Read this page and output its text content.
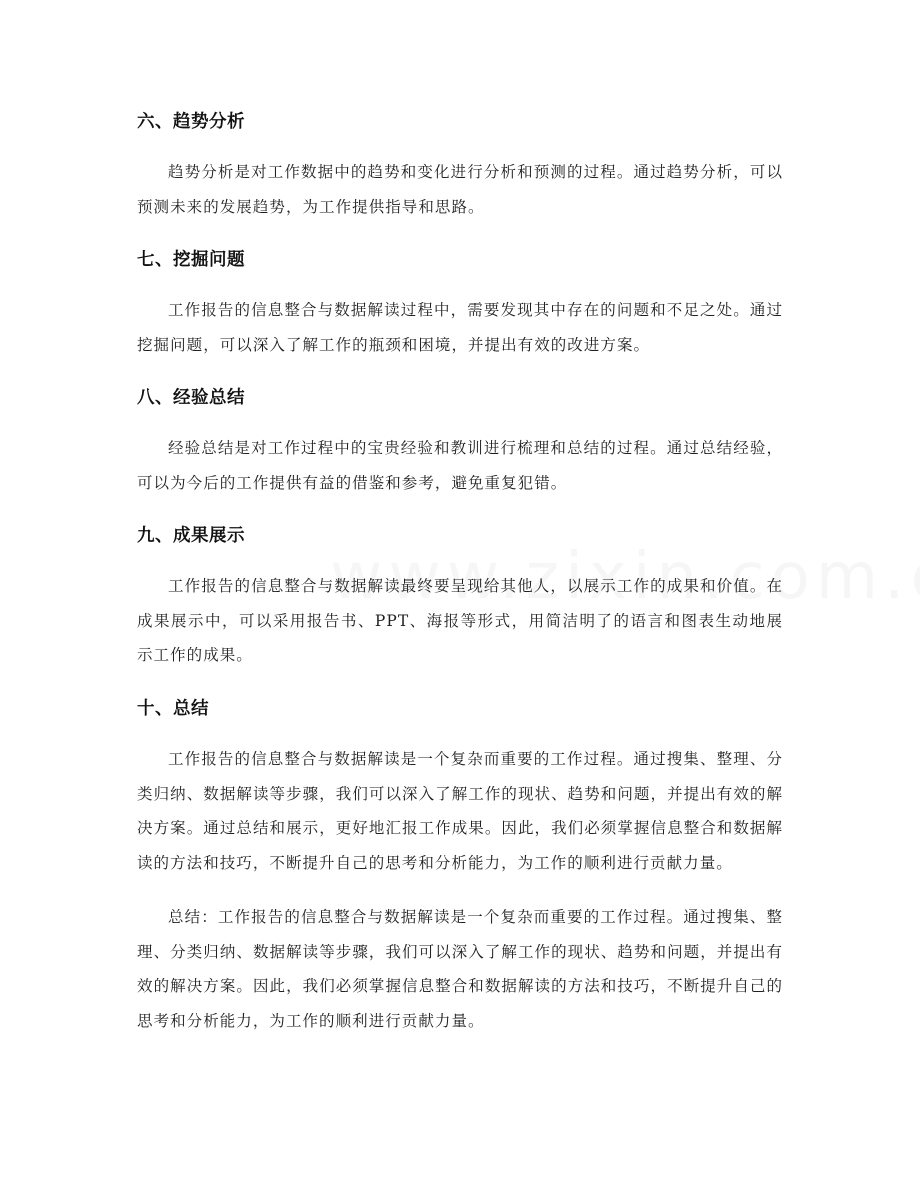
六、趋势分析

趋势分析是对工作数据中的趋势和变化进行分析和预测的过程。通过趋势分析，可以预测未来的发展趋势，为工作提供指导和思路。

七、挖掘问题

工作报告的信息整合与数据解读过程中，需要发现其中存在的问题和不足之处。通过挖掘问题，可以深入了解工作的瓶颈和困境，并提出有效的改进方案。

八、经验总结

经验总结是对工作过程中的宝贵经验和教训进行梳理和总结的过程。通过总结经验，可以为今后的工作提供有益的借鉴和参考，避免重复犯错。

九、成果展示

工作报告的信息整合与数据解读最终要呈现给其他人，以展示工作的成果和价值。在成果展示中，可以采用报告书、PPT、海报等形式，用简洁明了的语言和图表生动地展示工作的成果。

十、总结

工作报告的信息整合与数据解读是一个复杂而重要的工作过程。通过搜集、整理、分类归纳、数据解读等步骤，我们可以深入了解工作的现状、趋势和问题，并提出有效的解决方案。通过总结和展示，更好地汇报工作成果。因此，我们必须掌握信息整合和数据解读的方法和技巧，不断提升自己的思考和分析能力，为工作的顺利进行贡献力量。

总结：工作报告的信息整合与数据解读是一个复杂而重要的工作过程。通过搜集、整理、分类归纳、数据解读等步骤，我们可以深入了解工作的现状、趋势和问题，并提出有效的解决方案。因此，我们必须掌握信息整合和数据解读的方法和技巧，不断提升自己的思考和分析能力，为工作的顺利进行贡献力量。
